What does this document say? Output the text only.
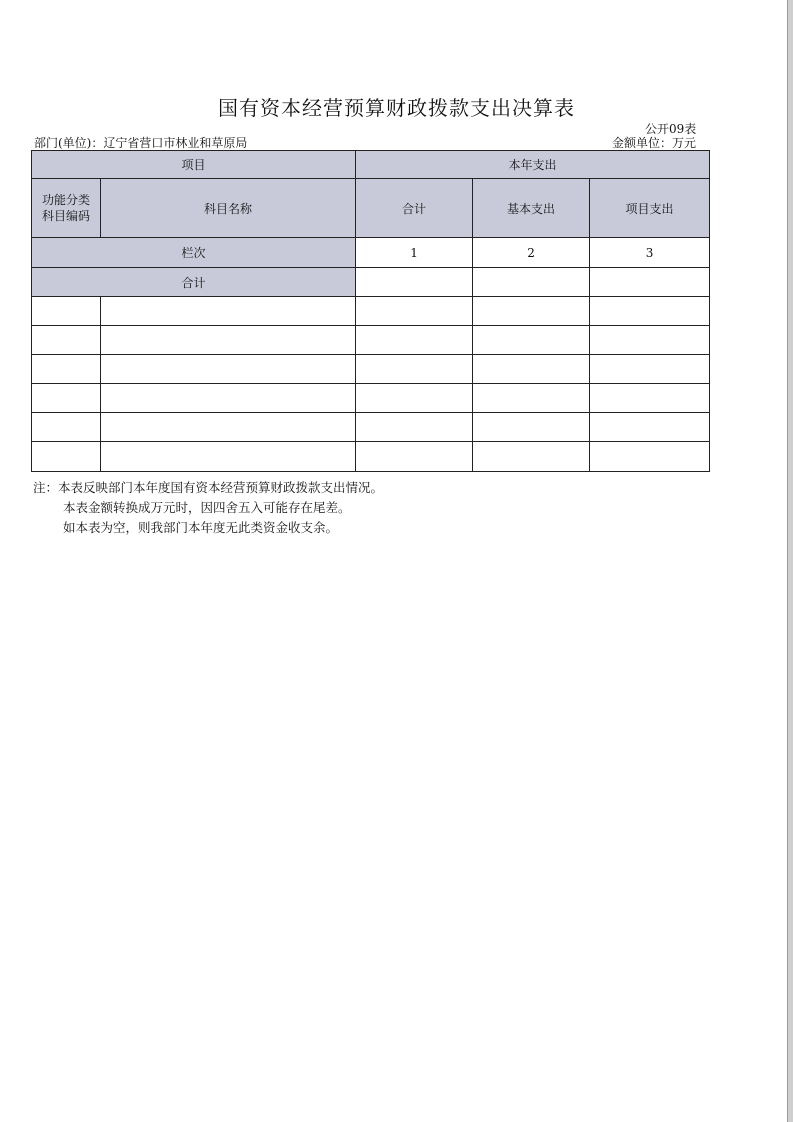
国有资本经营预算财政拨款支出决算表
公开09表
部门(单位)：辽宁省营口市林业和草原局	金额单位：万元
项目		本年支出		

功能分类科目编码	科目名称	合计	基本支出	项目支出
栏次		1	2	3
合计				

注：本表反映部门本年度国有资本经营预算财政拨款支出情况。
本表金额转换成万元时，因四舍五入可能存在尾差。
如本表为空，则我部门本年度无此类资金收支余。
